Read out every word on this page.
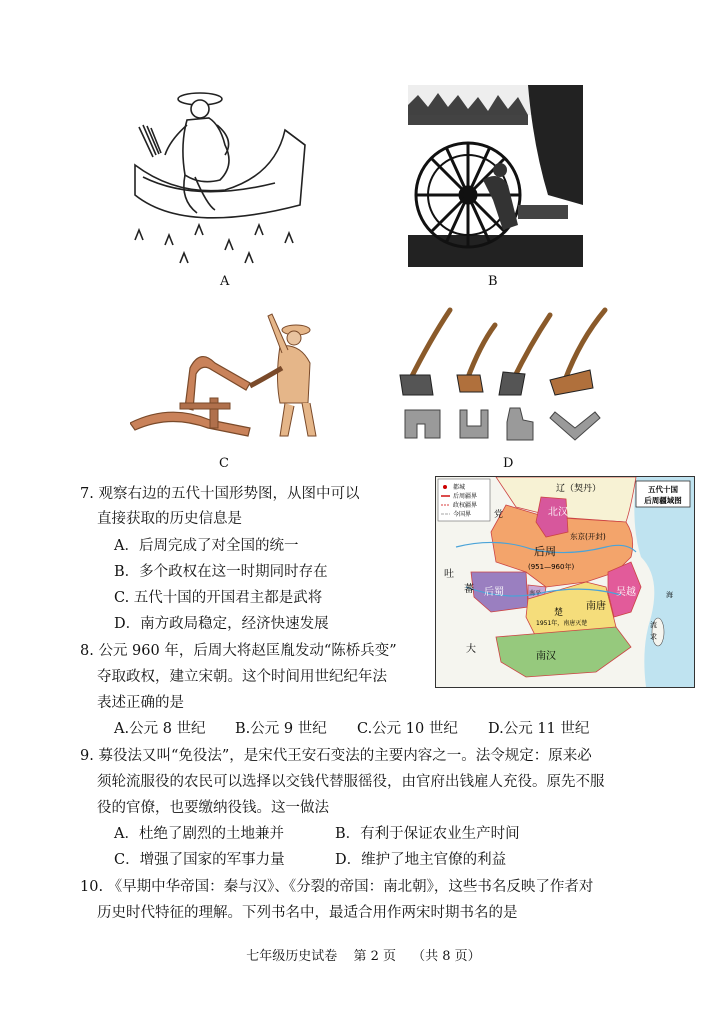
A	B
C	D
都城
后周疆界
政权疆界
今国界
五代十国
后周疆域图
辽（契丹）
北汉
东京(开封)
后周
(951—960年)
后蜀	南平	吴越
南唐
1951年，南唐灭楚
南汉
楚
党
吐
蕃
大
流
求
海
7. 观察右边的五代十国形势图，从图中可以
直接获取的历史信息是
A．后周完成了对全国的统一
B．多个政权在这一时期同时存在
C. 五代十国的开国君主都是武将
D．南方政局稳定，经济快速发展
8. 公元 960 年，后周大将赵匡胤发动“陈桥兵变”
夺取政权，建立宋朝。这个时间用世纪纪年法
表述正确的是
A.公元 8 世纪 B.公元 9 世纪 C.公元 10 世纪 D.公元 11 世纪
9. 募役法又叫“免役法”，是宋代王安石变法的主要内容之一。法令规定：原来必
须轮流服役的农民可以选择以交钱代替服徭役，由官府出钱雇人充役。原先不服
役的官僚，也要缴纳役钱。这一做法
A．杜绝了剧烈的土地兼并	B．有利于保证农业生产时间
C．增强了国家的军事力量	D．维护了地主官僚的利益
10. 《早期中华帝国：秦与汉》、《分裂的帝国：南北朝》，这些书名反映了作者对
历史时代特征的理解。下列书名中，最适合用作两宋时期书名的是
七年级历史试卷 第 2 页 （共 8 页）
